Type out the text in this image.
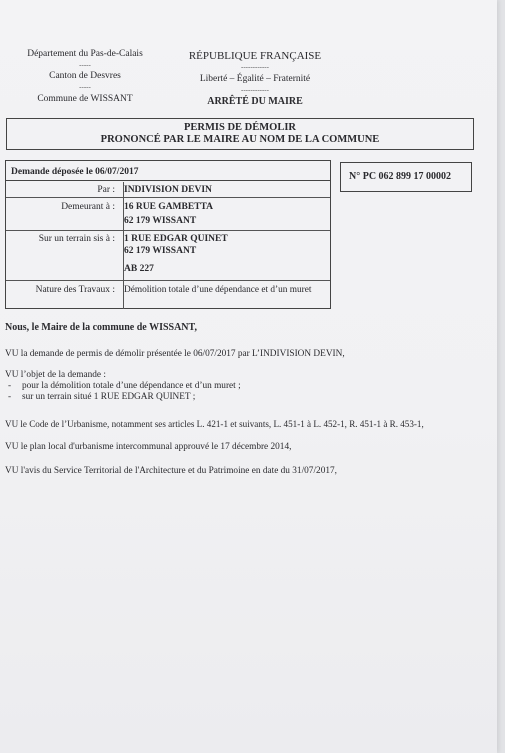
Département du Pas-de-Calais
-----
Canton de Desvres
-----
Commune de WISSANT
RÉPUBLIQUE FRANÇAISE
------------
Liberté – Égalité – Fraternité
------------
ARRÊTÉ DU MAIRE
PERMIS DE DÉMOLIR
PRONONCÉ PAR LE MAIRE AU NOM DE LA COMMUNE
Demande déposée le 06/07/2017
Par : INDIVISION DEVIN
Demeurant à : 16 RUE GAMBETTA
62 179 WISSANT
Sur un terrain sis à : 1 RUE EDGAR QUINET
62 179 WISSANT
AB 227
Nature des Travaux : Démolition totale d’une dépendance et d’un muret
N° PC 062 899 17 00002
Nous, le Maire de la commune de WISSANT,
VU la demande de permis de démolir présentée le 06/07/2017 par L’INDIVISION DEVIN,
VU l’objet de la demande :
- pour la démolition totale d’une dépendance et d’un muret ;
- sur un terrain situé 1 RUE EDGAR QUINET ;
VU le Code de l’Urbanisme, notamment ses articles L. 421-1 et suivants, L. 451-1 à L. 452-1, R. 451-1 à R. 453-1,
VU le plan local d'urbanisme intercommunal approuvé le 17 décembre 2014,
VU l'avis du Service Territorial de l'Architecture et du Patrimoine en date du 31/07/2017,
